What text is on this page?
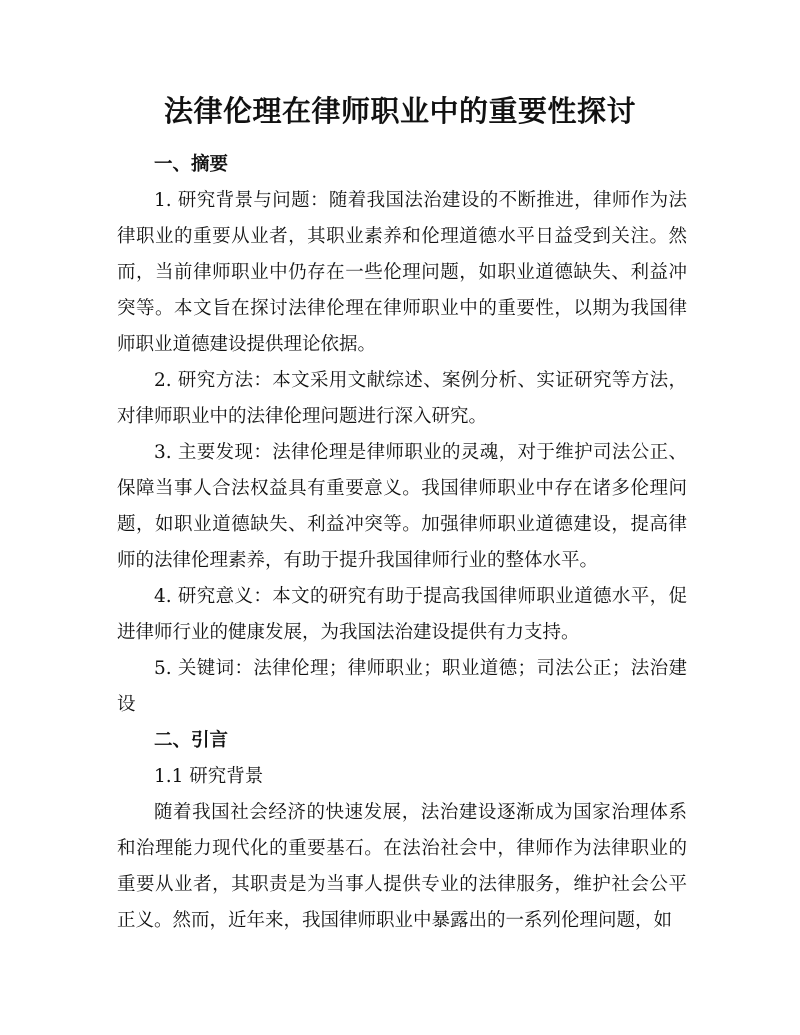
法律伦理在律师职业中的重要性探讨

一、摘要

1. 研究背景与问题：随着我国法治建设的不断推进，律师作为法律职业的重要从业者，其职业素养和伦理道德水平日益受到关注。然而，当前律师职业中仍存在一些伦理问题，如职业道德缺失、利益冲突等。本文旨在探讨法律伦理在律师职业中的重要性，以期为我国律师职业道德建设提供理论依据。

2. 研究方法：本文采用文献综述、案例分析、实证研究等方法，对律师职业中的法律伦理问题进行深入研究。

3. 主要发现：法律伦理是律师职业的灵魂，对于维护司法公正、保障当事人合法权益具有重要意义。我国律师职业中存在诸多伦理问题，如职业道德缺失、利益冲突等。加强律师职业道德建设，提高律师的法律伦理素养，有助于提升我国律师行业的整体水平。

4. 研究意义：本文的研究有助于提高我国律师职业道德水平，促进律师行业的健康发展，为我国法治建设提供有力支持。

5. 关键词：法律伦理；律师职业；职业道德；司法公正；法治建设

二、引言

1.1 研究背景

随着我国社会经济的快速发展，法治建设逐渐成为国家治理体系和治理能力现代化的重要基石。在法治社会中，律师作为法律职业的重要从业者，其职责是为当事人提供专业的法律服务，维护社会公平正义。然而，近年来，我国律师职业中暴露出的一系列伦理问题，如
